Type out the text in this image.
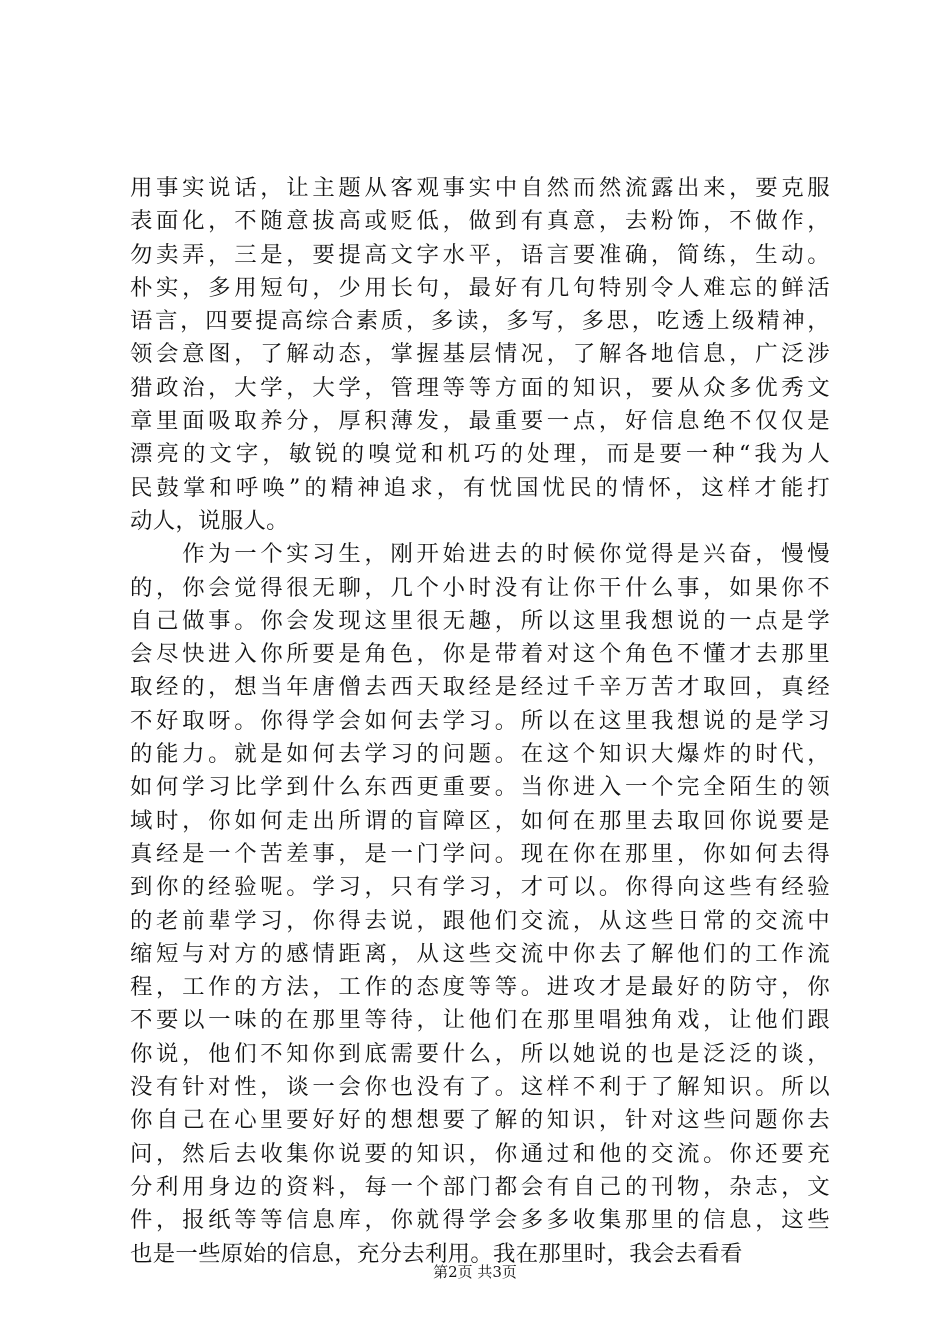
用事实说话，让主题从客观事实中自然而然流露出来，要克服
表面化，不随意拔高或贬低，做到有真意，去粉饰，不做作，
勿卖弄，三是，要提高文字水平，语言要准确，简练，生动。
朴实，多用短句，少用长句，最好有几句特别令人难忘的鲜活
语言，四要提高综合素质，多读，多写，多思，吃透上级精神，
领会意图，了解动态，掌握基层情况，了解各地信息，广泛涉
猎政治，大学，大学，管理等等方面的知识，要从众多优秀文
章里面吸取养分，厚积薄发，最重要一点，好信息绝不仅仅是
漂亮的文字，敏锐的嗅觉和机巧的处理，而是要一种“我为人
民鼓掌和呼唤”的精神追求，有忧国忧民的情怀，这样才能打
动人，说服人。
　　作为一个实习生，刚开始进去的时候你觉得是兴奋，慢慢
的，你会觉得很无聊，几个小时没有让你干什么事，如果你不
自己做事。你会发现这里很无趣，所以这里我想说的一点是学
会尽快进入你所要是角色，你是带着对这个角色不懂才去那里
取经的，想当年唐僧去西天取经是经过千辛万苦才取回，真经
不好取呀。你得学会如何去学习。所以在这里我想说的是学习
的能力。就是如何去学习的问题。在这个知识大爆炸的时代，
如何学习比学到什么东西更重要。当你进入一个完全陌生的领
域时，你如何走出所谓的盲障区，如何在那里去取回你说要是
真经是一个苦差事，是一门学问。现在你在那里，你如何去得
到你的经验呢。学习，只有学习，才可以。你得向这些有经验
的老前辈学习，你得去说，跟他们交流，从这些日常的交流中
缩短与对方的感情距离，从这些交流中你去了解他们的工作流
程，工作的方法，工作的态度等等。进攻才是最好的防守，你
不要以一味的在那里等待，让他们在那里唱独角戏，让他们跟
你说，他们不知你到底需要什么，所以她说的也是泛泛的谈，
没有针对性，谈一会你也没有了。这样不利于了解知识。所以
你自己在心里要好好的想想要了解的知识，针对这些问题你去
问，然后去收集你说要的知识，你通过和他的交流。你还要充
分利用身边的资料，每一个部门都会有自己的刊物，杂志，文
件，报纸等等信息库，你就得学会多多收集那里的信息，这些
也是一些原始的信息，充分去利用。我在那里时，我会去看看
第2页 共3页
